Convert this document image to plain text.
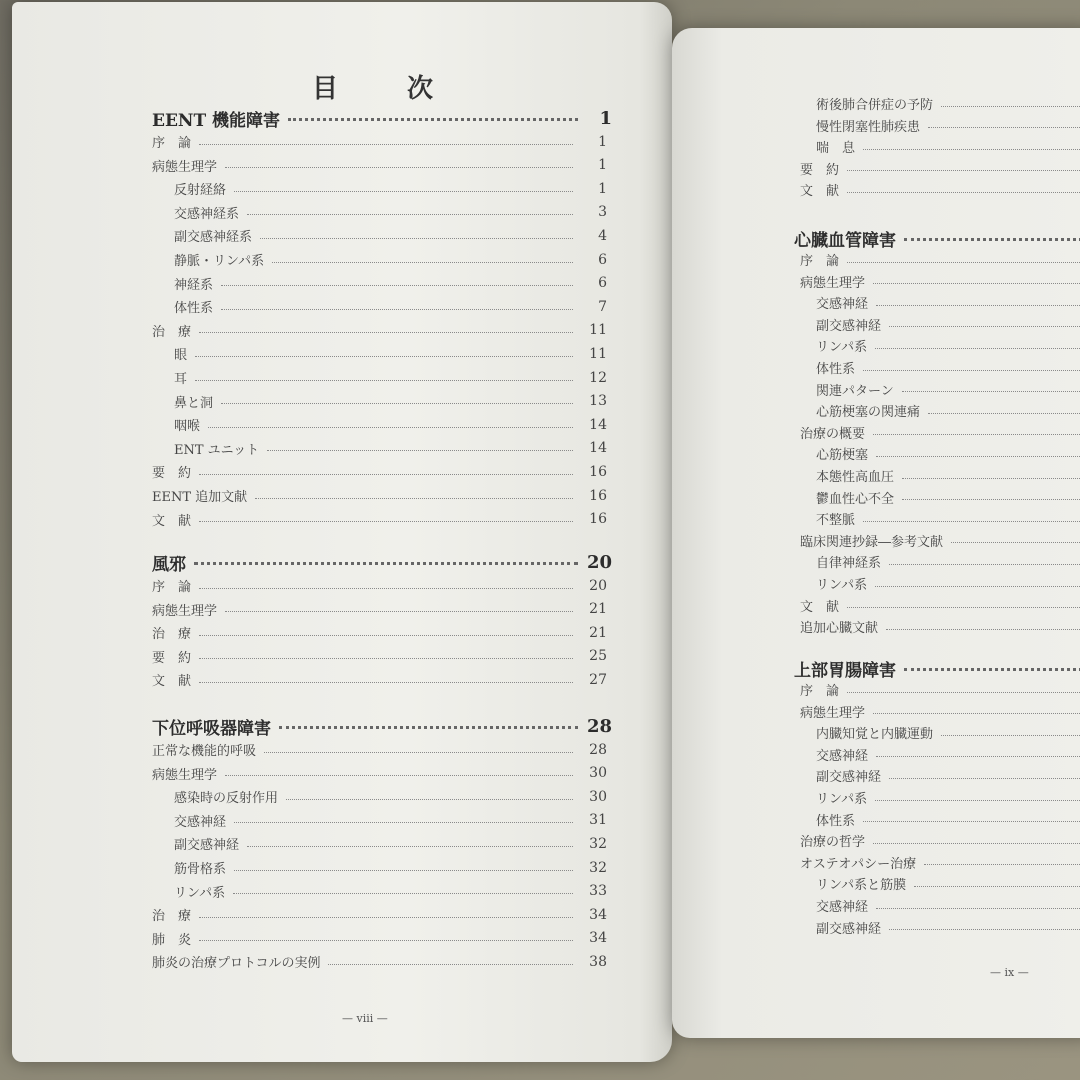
目 次
EENT 機能障害	1
序　論	1
病態生理学	1
反射経絡	1
交感神経系	3
副交感神経系	4
静脈・リンパ系	6
神経系	6
体性系	7
治　療	11
眼	11
耳	12
鼻と洞	13
咽喉	14
ENT ユニット	14
要　約	16
EENT 追加文献	16
文　献	16
風邪	20
序　論	20
病態生理学	21
治　療	21
要　約	25
文　献	27
下位呼吸器障害	28
正常な機能的呼吸	28
病態生理学	30
感染時の反射作用	30
交感神経	31
副交感神経	32
筋骨格系	32
リンパ系	33
治　療	34
肺　炎	34
肺炎の治療プロトコルの実例	38
— viii —
術後肺合併症の予防
慢性閉塞性肺疾患
喘　息
要　約
文　献
心臓血管障害
序　論
病態生理学
交感神経
副交感神経
リンパ系
体性系
関連パターン
心筋梗塞の関連痛
治療の概要
心筋梗塞
本態性高血圧
鬱血性心不全
不整脈
臨床関連抄録―参考文献
自律神経系
リンパ系
文　献
追加心臓文献
上部胃腸障害
序　論
病態生理学
内臓知覚と内臓運動
交感神経
副交感神経
リンパ系
体性系
治療の哲学
オステオパシー治療
リンパ系と筋膜
交感神経
副交感神経
— ix —
